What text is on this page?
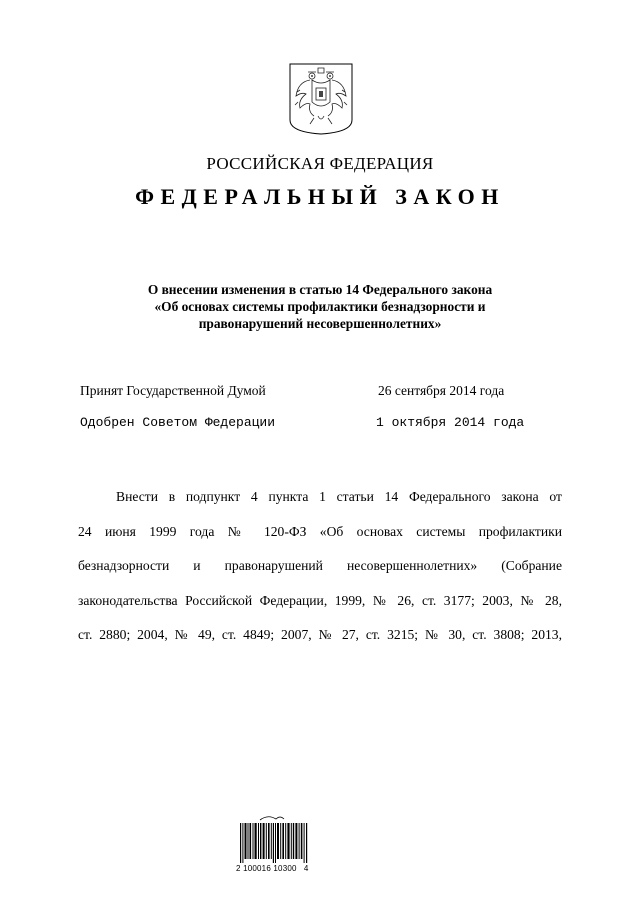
РОССИЙСКАЯ ФЕДЕРАЦИЯ
ФЕДЕРАЛЬНЫЙ ЗАКОН
О внесении изменения в статью 14 Федерального закона
«Об основах системы профилактики безнадзорности и
правонарушений несовершеннолетних»
Принят Государственной Думой	26 сентября 2014 года
Одобрен Советом Федерации	1 октября 2014 года
Внести в подпункт 4 пункта 1 статьи 14 Федерального закона от
24 июня 1999 года № 120-ФЗ «Об основах системы профилактики
безнадзорности и правонарушений несовершеннолетних» (Собрание
законодательства Российской Федерации, 1999, № 26, ст. 3177; 2003, № 28,
ст. 2880; 2004, № 49, ст. 4849; 2007, № 27, ст. 3215; № 30, ст. 3808; 2013,
2 100016 10300   4
